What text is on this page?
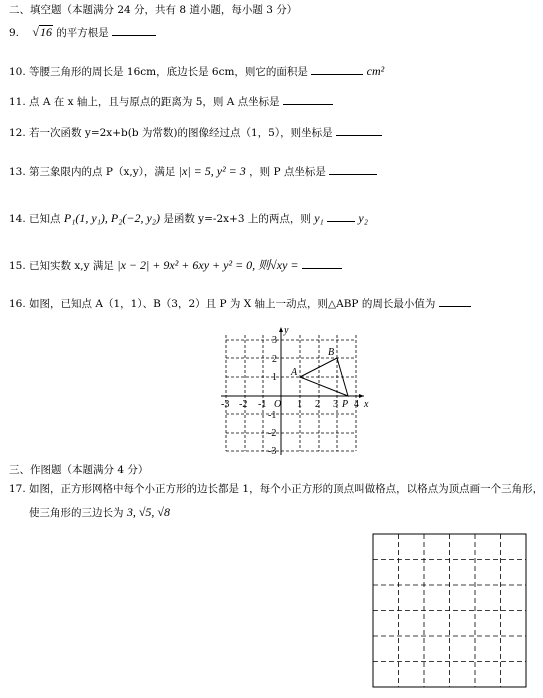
二、填空题（本题满分 24 分，共有 8 道小题，每小题 3 分）
9. √16 的平方根是
10. 等腰三角形的周长是 16cm，底边长是 6cm，则它的面积是	cm²
11. 点 A 在 x 轴上，且与原点的距离为 5，则 A 点坐标是
12. 若一次函数 y=2x+b(b 为常数)的图像经过点（1，5），则坐标是
13. 第三象限内的点 P（x,y），满足 |x| = 5, y² = 3 ，则 P 点坐标是
14. 已知点 P₁(1, y₁), P₂(−2, y₂) 是函数 y=-2x+3 上的两点，则 y₁	y₂
15. 已知实数 x,y 满足 |x − 2| + 9x² + 6xy + y² = 0, 则√xy =
16. 如图，已知点 A（1，1）、B（3，2）且 P 为 X 轴上一动点，则△ABP 的周长最小值为
x
y
O
A
B
P
-3 -2 -1	1 2 3 4
3
2
1
-1
-2
-3
三、作图题（本题满分 4 分）
17. 如图，正方形网格中每个小正方形的边长都是 1，每个小正方形的顶点叫做格点，以格点为顶点画一个三角形，
使三角形的三边长为 3, √5, √8
